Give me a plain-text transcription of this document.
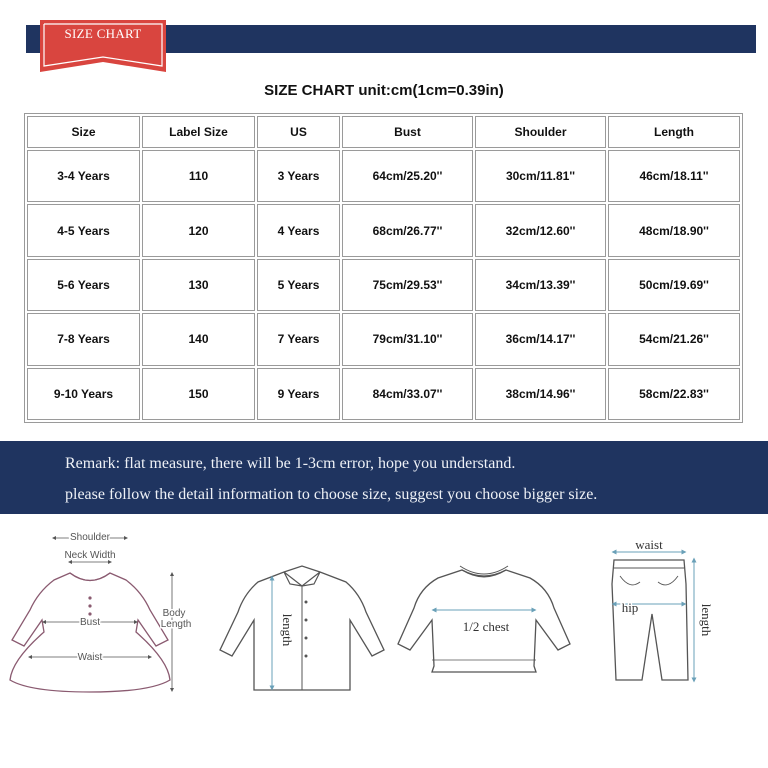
SIZE CHART
SIZE CHART unit:cm(1cm=0.39in)
Size	Label Size	US	Bust	Shoulder	Length
3-4 Years	110	3 Years	64cm/25.20''	30cm/11.81''	46cm/18.11''
4-5 Years	120	4 Years	68cm/26.77''	32cm/12.60''	48cm/18.90''
5-6 Years	130	5 Years	75cm/29.53''	34cm/13.39''	50cm/19.69''
7-8 Years	140	7 Years	79cm/31.10''	36cm/14.17''	54cm/21.26''
9-10 Years	150	9 Years	84cm/33.07''	38cm/14.96''	58cm/22.83''
Remark: flat measure, there will be 1-3cm error, hope you understand.
please follow the detail information to choose size, suggest you choose bigger size.
Shoulder
Neck Width
Bust
Waist
Body
Length	length	1/2 chest
waist
hip	length
